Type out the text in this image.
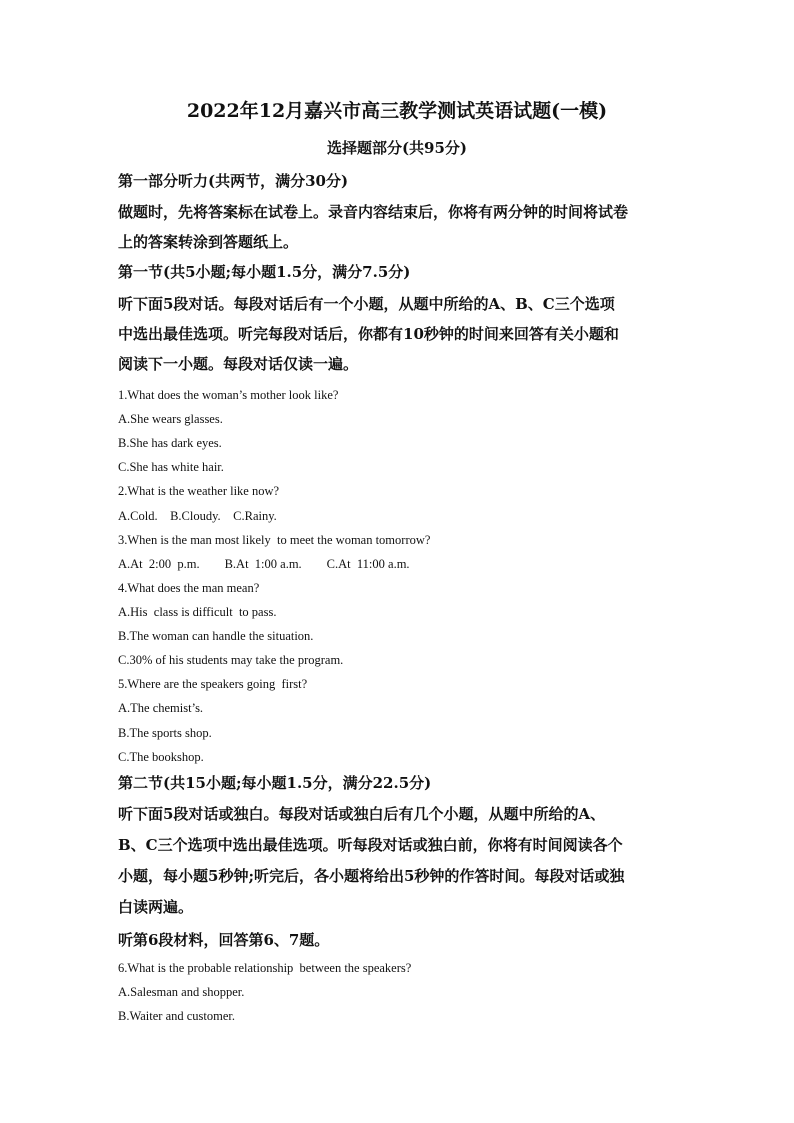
2022年12月嘉兴市高三教学测试英语试题(一模)
选择题部分(共95分)
第一部分听力(共两节，满分30分)
做题时，先将答案标在试卷上。录音内容结束后，你将有两分钟的时间将试卷
上的答案转涂到答题纸上。
第一节(共5小题;每小题1.5分，满分7.5分)
听下面5段对话。每段对话后有一个小题，从题中所给的A、B、C三个选项
中选出最佳选项。听完每段对话后，你都有10秒钟的时间来回答有关小题和
阅读下一小题。每段对话仅读一遍。
1.What does the woman’s mother look like?
A.She wears glasses.
B.She has dark eyes.
C.She has white hair.
2.What is the weather like now?
A.Cold.    B.Cloudy.    C.Rainy.
3.When is the man most likely  to meet the woman tomorrow?
A.At  2:00  p.m.        B.At  1:00 a.m.        C.At  11:00 a.m.
4.What does the man mean?
A.His  class is difficult  to pass.
B.The woman can handle the situation.
C.30% of his students may take the program.
5.Where are the speakers going  first?
A.The chemist’s.
B.The sports shop.
C.The bookshop.
第二节(共15小题;每小题1.5分，满分22.5分)
听下面5段对话或独白。每段对话或独白后有几个小题，从题中所给的A、
B、C三个选项中选出最佳选项。听每段对话或独白前，你将有时间阅读各个
小题，每小题5秒钟;听完后，各小题将给出5秒钟的作答时间。每段对话或独
白读两遍。
听第6段材料，回答第6、7题。
6.What is the probable relationship  between the speakers?
A.Salesman and shopper.
B.Waiter and customer.
